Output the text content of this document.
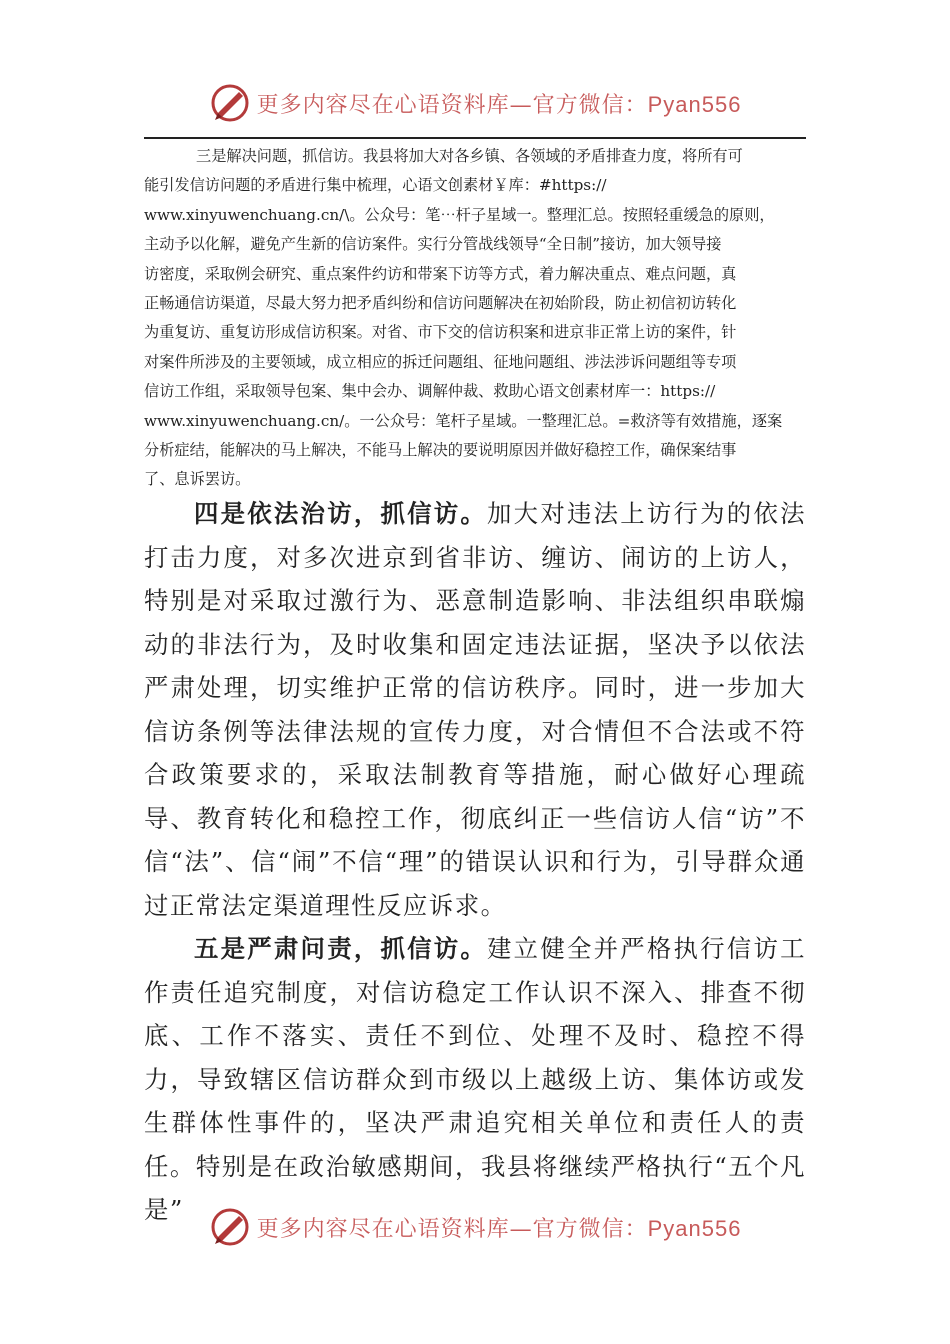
更多内容尽在心语资料库—官方微信：Pyan556

三是解决问题，抓信访。我县将加大对各乡镇、各领域的矛盾排查力度，将所有可

能引发信访问题的矛盾进行集中梳理，心语文创素材￥库：#https://

www.xinyuwenchuang.cn/\。公众号：笔⋯杆子星域一。整理汇总。按照轻重缓急的原则，

主动予以化解，避免产生新的信访案件。实行分管战线领导“全日制”接访，加大领导接

访密度，采取例会研究、重点案件约访和带案下访等方式，着力解决重点、难点问题，真

正畅通信访渠道，尽最大努力把矛盾纠纷和信访问题解决在初始阶段，防止初信初访转化

为重复访、重复访形成信访积案。对省、市下交的信访积案和进京非正常上访的案件，针

对案件所涉及的主要领域，成立相应的拆迁问题组、征地问题组、涉法涉诉问题组等专项

信访工作组，采取领导包案、集中会办、调解仲裁、救助心语文创素材库一：https://

www.xinyuwenchuang.cn/。一公众号：笔杆子星域。一整理汇总。=救济等有效措施，逐案

分析症结，能解决的马上解决，不能马上解决的要说明原因并做好稳控工作，确保案结事

了、息诉罢访。

四是依法治访，抓信访。加大对违法上访行为的依法打击力度，对多次进京到省非访、缠访、闹访的上访人，特别是对采取过激行为、恶意制造影响、非法组织串联煽动的非法行为，及时收集和固定违法证据，坚决予以依法严肃处理，切实维护正常的信访秩序。同时，进一步加大信访条例等法律法规的宣传力度，对合情但不合法或不符合政策要求的，采取法制教育等措施，耐心做好心理疏导、教育转化和稳控工作，彻底纠正一些信访人信“访”不信“法”、信“闹”不信“理”的错误认识和行为，引导群众通过正常法定渠道理性反应诉求。

五是严肃问责，抓信访。建立健全并严格执行信访工作责任追究制度，对信访稳定工作认识不深入、排查不彻底、工作不落实、责任不到位、处理不及时、稳控不得力，导致辖区信访群众到市级以上越级上访、集体访或发生群体性事件的，坚决严肃追究相关单位和责任人的责任。特别是在政治敏感期间，我县将继续严格执行“五个凡是”

更多内容尽在心语资料库—官方微信：Pyan556
